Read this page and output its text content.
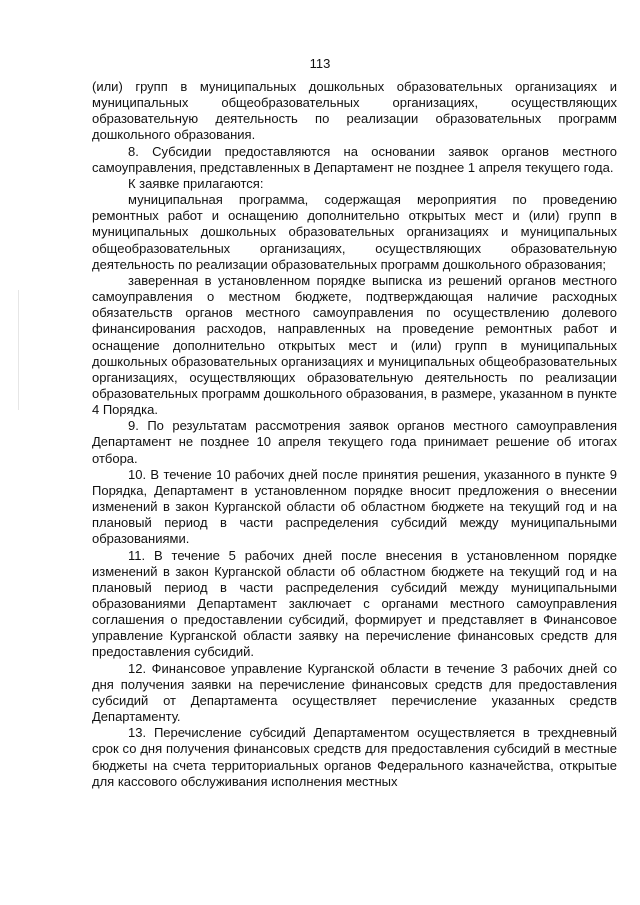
113

(или) групп в муниципальных дошкольных образовательных организациях и муниципальных общеобразовательных организациях, осуществляющих образовательную деятельность по реализации образовательных программ дошкольного образования.

8. Субсидии предоставляются на основании заявок органов местного самоуправления, представленных в Департамент не позднее 1 апреля текущего года.

К заявке прилагаются:

муниципальная программа, содержащая мероприятия по проведению ремонтных работ и оснащению дополнительно открытых мест и (или) групп в муниципальных дошкольных образовательных организациях и муниципальных общеобразовательных организациях, осуществляющих образовательную деятельность по реализации образовательных программ дошкольного образования;

заверенная в установленном порядке выписка из решений органов местного самоуправления о местном бюджете, подтверждающая наличие расходных обязательств органов местного самоуправления по осуществлению долевого финансирования расходов, направленных на проведение ремонтных работ и оснащение дополнительно открытых мест и (или) групп в муниципальных дошкольных образовательных организациях и муниципальных общеобразовательных организациях, осуществляющих образовательную деятельность по реализации образовательных программ дошкольного образования, в размере, указанном в пункте 4 Порядка.

9. По результатам рассмотрения заявок органов местного самоуправления Департамент не позднее 10 апреля текущего года принимает решение об итогах отбора.

10. В течение 10 рабочих дней после принятия решения, указанного в пункте 9 Порядка, Департамент в установленном порядке вносит предложения о внесении изменений в закон Курганской области об областном бюджете на текущий год и на плановый период в части распределения субсидий между муниципальными образованиями.

11. В течение 5 рабочих дней после внесения в установленном порядке изменений в закон Курганской области об областном бюджете на текущий год и на плановый период в части распределения субсидий между муниципальными образованиями Департамент заключает с органами местного самоуправления соглашения о предоставлении субсидий, формирует и представляет в Финансовое управление Курганской области заявку на перечисление финансовых средств для предоставления субсидий.

12. Финансовое управление Курганской области в течение 3 рабочих дней со дня получения заявки на перечисление финансовых средств для предоставления субсидий от Департамента осуществляет перечисление указанных средств Департаменту.

13. Перечисление субсидий Департаментом осуществляется в трехдневный срок со дня получения финансовых средств для предоставления субсидий в местные бюджеты на счета территориальных органов Федерального казначейства, открытые для кассового обслуживания исполнения местных
